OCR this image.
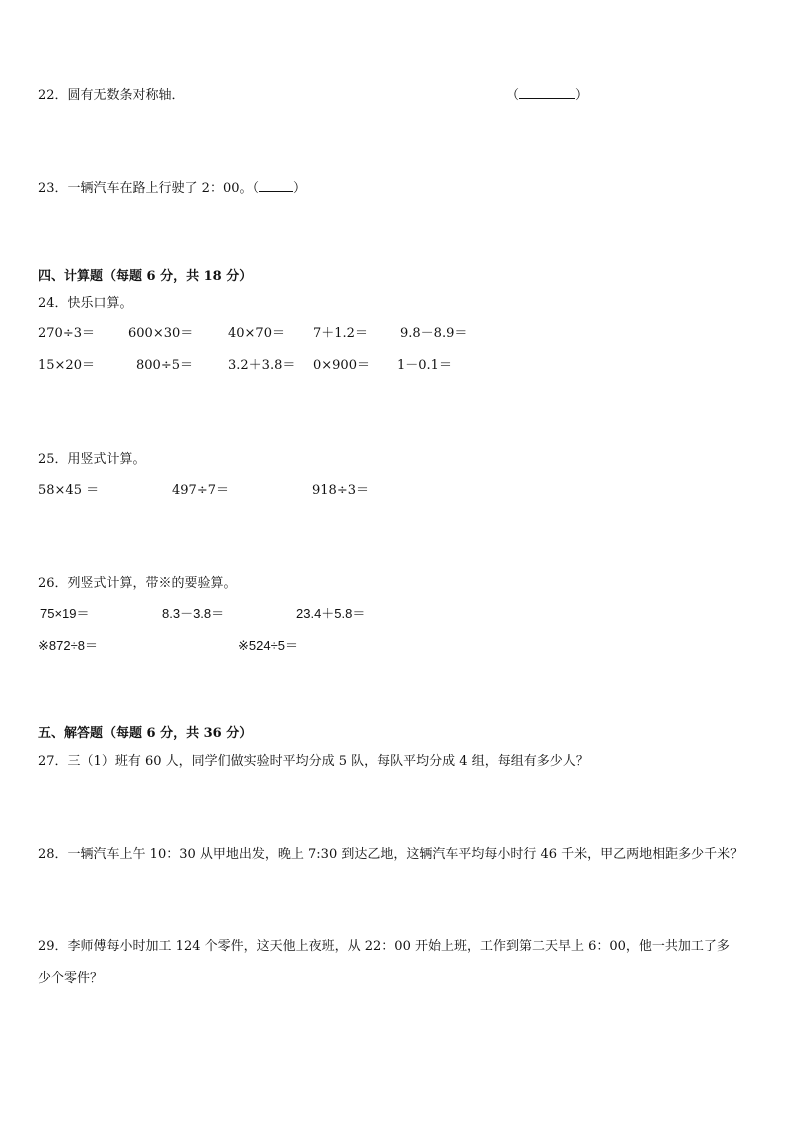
22．圆有无数条对称轴．	（	）
23．一辆汽车在路上行驶了 2：00。（	）
四、计算题（每题 6 分，共 18 分）
24．快乐口算。
270÷3＝	600×30＝	40×70＝ 7＋1.2＝ 9.8－8.9＝
15×20＝	800÷5＝	3.2＋3.8＝ 0×900＝ 1－0.1＝
25．用竖式计算。
58×45 ＝	497÷7＝	918÷3＝
26．列竖式计算，带※的要验算。
75×19＝	8.3－3.8＝	23.4＋5.8＝
※872÷8＝	※524÷5＝
五、解答题（每题 6 分，共 36 分）
27．三（1）班有 60 人，同学们做实验时平均分成 5 队，每队平均分成 4 组，每组有多少人？
28．一辆汽车上午 10：30 从甲地出发，晚上 7:30 到达乙地，这辆汽车平均每小时行 46 千米，甲乙两地相距多少千米？
29．李师傅每小时加工 124 个零件，这天他上夜班，从 22：00 开始上班，工作到第二天早上 6：00，他一共加工了多
少个零件？
